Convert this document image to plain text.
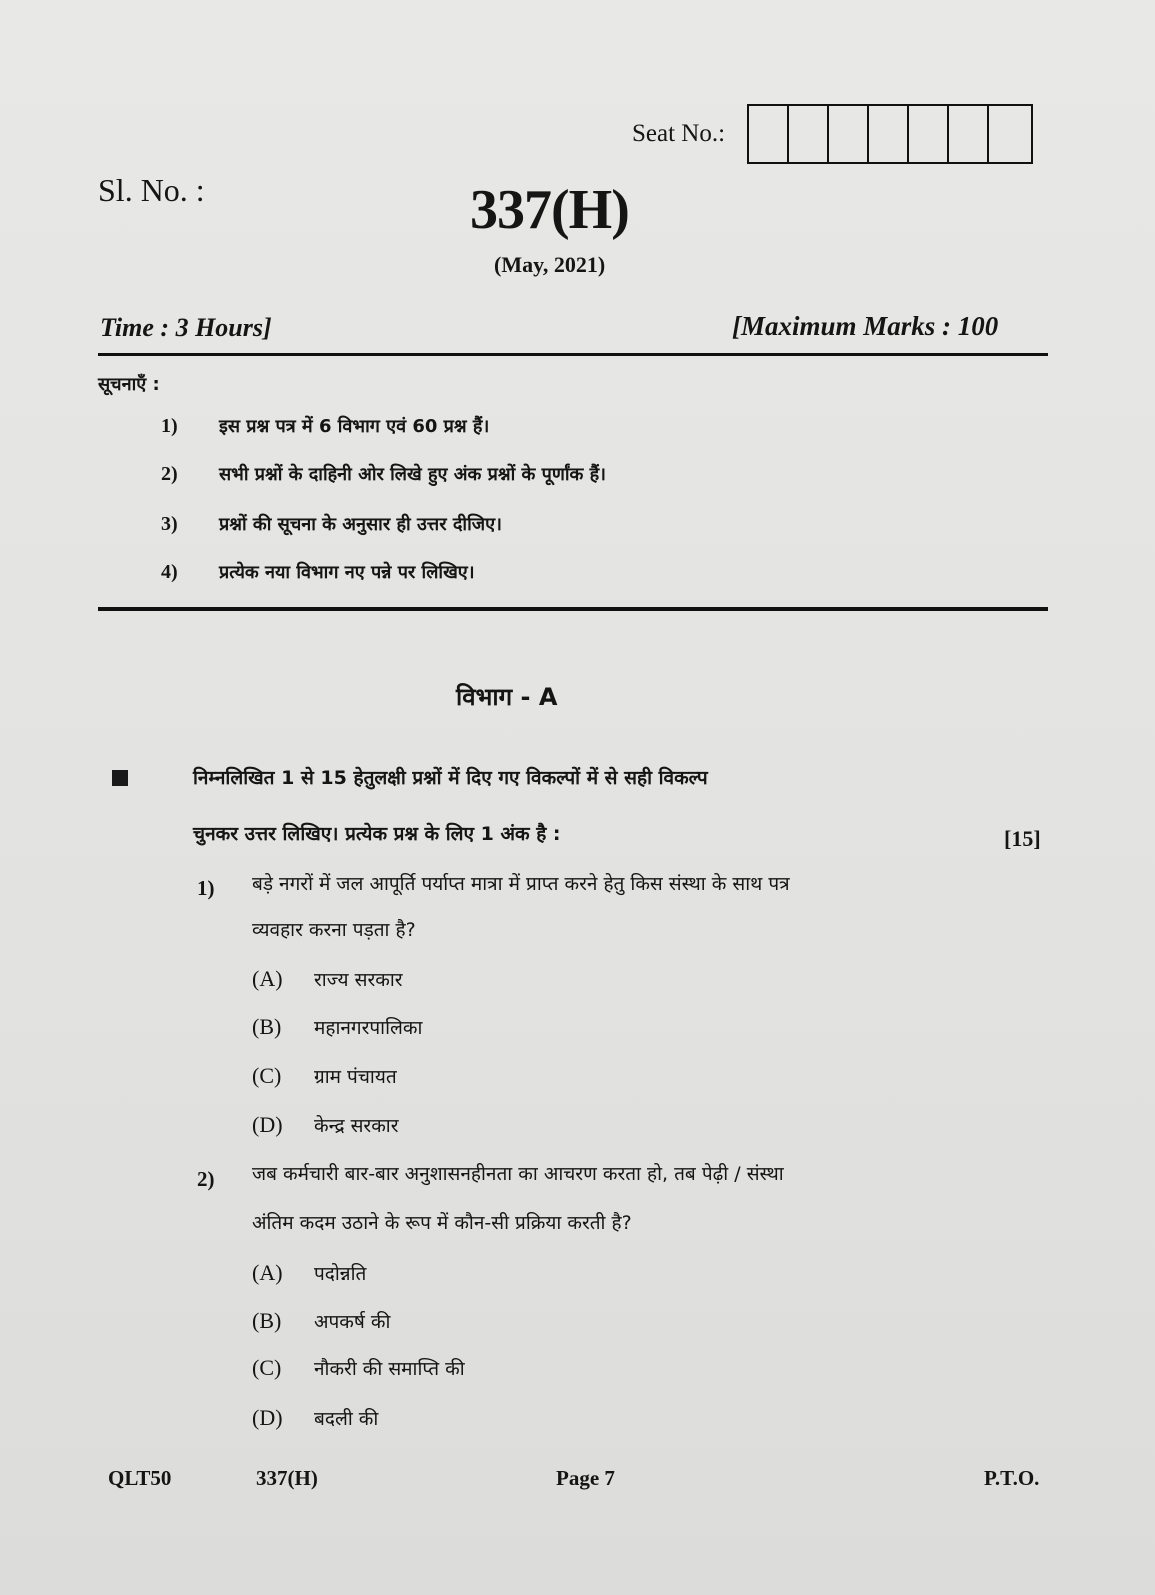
Seat No.:
Sl. No. :	337(H)
(May, 2021)
Time : 3 Hours]	[Maximum Marks : 100
सूचनाएँ :
1) इस प्रश्न पत्र में 6 विभाग एवं 60 प्रश्न हैं।
2) सभी प्रश्नों के दाहिनी ओर लिखे हुए अंक प्रश्नों के पूर्णांक हैं।
3) प्रश्नों की सूचना के अनुसार ही उत्तर दीजिए।
4) प्रत्येक नया विभाग नए पन्ने पर लिखिए।
विभाग - A
निम्नलिखित 1 से 15 हेतुलक्षी प्रश्नों में दिए गए विकल्पों में से सही विकल्प
चुनकर उत्तर लिखिए। प्रत्येक प्रश्न के लिए 1 अंक है :	[15]
1) बड़े नगरों में जल आपूर्ति पर्याप्त मात्रा में प्राप्त करने हेतु किस संस्था के साथ पत्र
व्यवहार करना पड़ता है?
(A) राज्य सरकार
(B) महानगरपालिका
(C) ग्राम पंचायत
(D) केन्द्र सरकार
2) जब कर्मचारी बार-बार अनुशासनहीनता का आचरण करता हो, तब पेढ़ी / संस्था
अंतिम कदम उठाने के रूप में कौन-सी प्रक्रिया करती है?
(A) पदोन्नति
(B) अपकर्ष की
(C) नौकरी की समाप्ति की
(D) बदली की
QLT50	337(H)	Page 7	P.T.O.
